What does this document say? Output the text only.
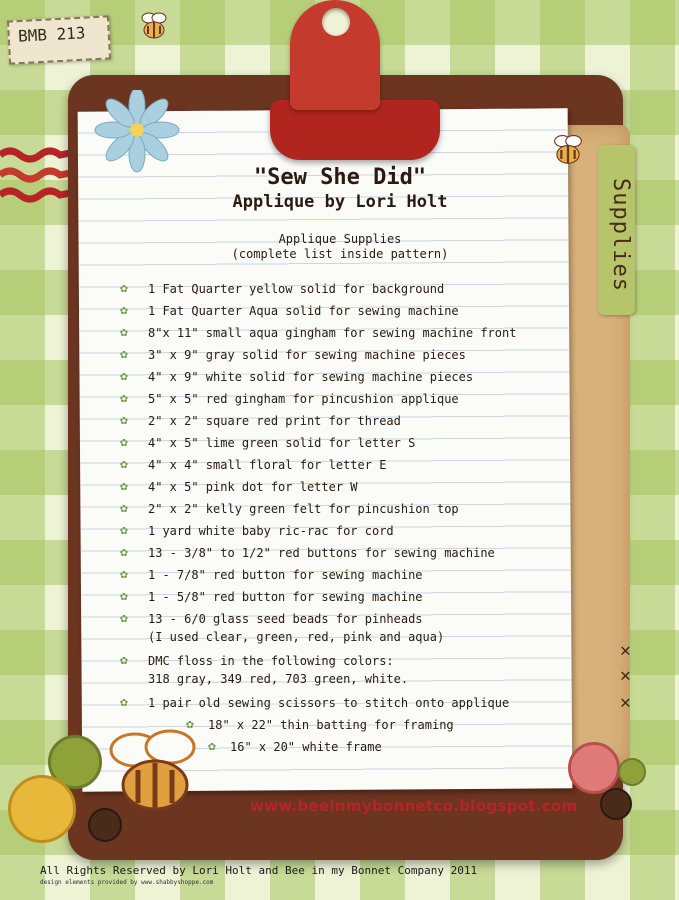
Supplies
BMB 213
"Sew She Did"
Applique by Lori Holt
Applique Supplies
(complete list inside pattern)
✿	1 Fat Quarter yellow solid for background
✿	1 Fat Quarter Aqua solid for sewing machine
✿	8"x 11" small aqua gingham for sewing machine front
✿	3" x 9" gray solid for sewing machine pieces
✿	4" x 9" white solid for sewing machine pieces
✿	5" x 5" red gingham for pincushion applique
✿	2" x 2" square red print for thread
✿	4" x 5" lime green solid for letter S
✿	4" x 4" small floral for letter E
✿	4" x 5" pink dot for letter W
✿	2" x 2" kelly green felt for pincushion top
✿	1 yard white baby ric-rac for cord
✿	13 - 3/8" to 1/2" red buttons for sewing machine
✿	1 - 7/8" red button for sewing machine
✿	1 - 5/8" red button for sewing machine
✿	13 - 6/0 glass seed beads for pinheads
(I used clear, green, red, pink and aqua)
✿	DMC floss in the following colors:
318 gray, 349 red, 703 green, white.
✿	1 pair old sewing scissors to stitch onto applique
✿	18" x 22" thin batting for framing
✿	16" x 20" white frame
✕
✕
✕
www.beeinmybonnetco.blogspot.com
All Rights Reserved by Lori Holt and Bee in my Bonnet Company 2011
design elements provided by www.shabbyshoppe.com
